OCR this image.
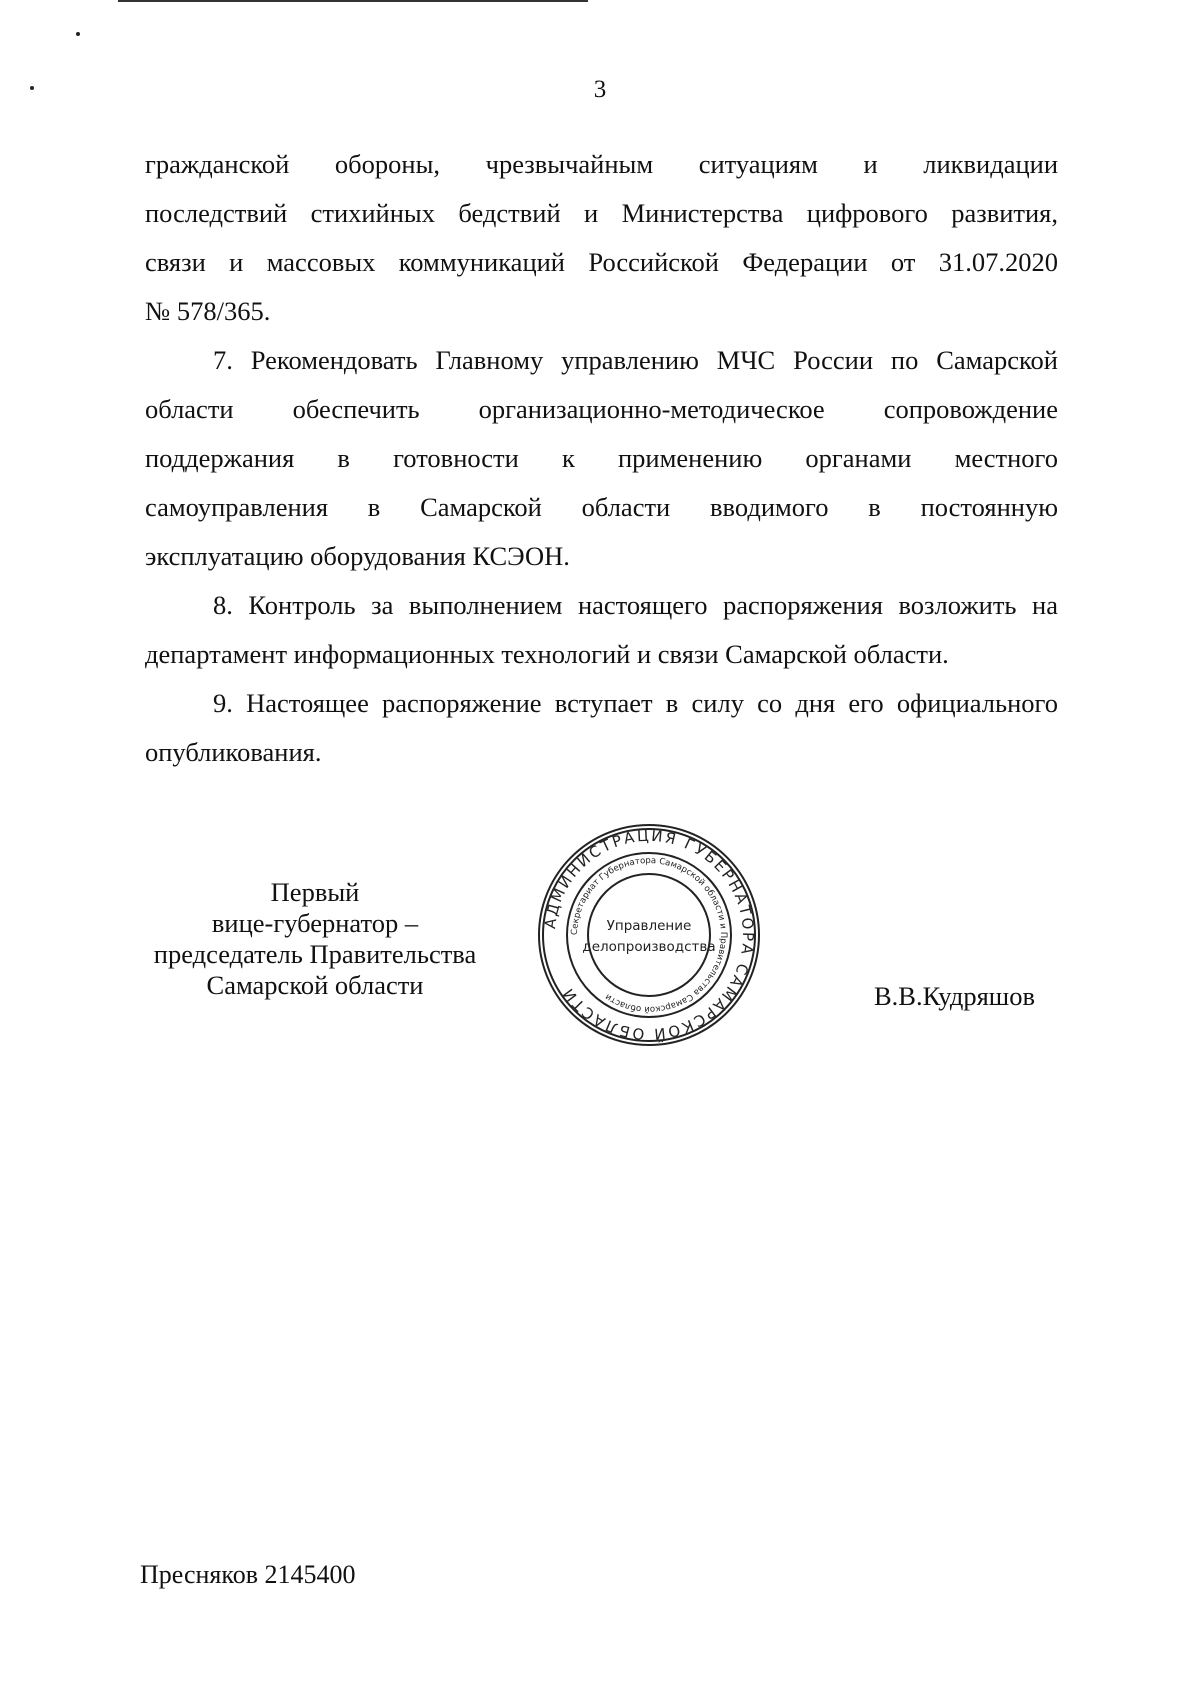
3

гражданской обороны, чрезвычайным ситуациям и ликвидации
последствий стихийных бедствий и Министерства цифрового развития,
связи и массовых коммуникаций Российской Федерации от 31.07.2020
№ 578/365.

7. Рекомендовать Главному управлению МЧС России по Самарской
области обеспечить организационно-методическое сопровождение
поддержания в готовности к применению органами местного
самоуправления в Самарской области вводимого в постоянную
эксплуатацию оборудования КСЭОН.

8. Контроль за выполнением настоящего распоряжения возложить на
департамент информационных технологий и связи Самарской области.

9. Настоящее распоряжение вступает в силу со дня его официального
опубликования.

Первый
вице-губернатор –
председатель Правительства
Самарской области
АДМИНИСТРАЦИЯ ГУБЕРНАТОРА САМАРСКОЙ ОБЛАСТИ
Секретариат Губернатора Самарской области и Правительства Самарской области
Управление
делопроизводства
В.В.Кудряшов
Пресняков 2145400
